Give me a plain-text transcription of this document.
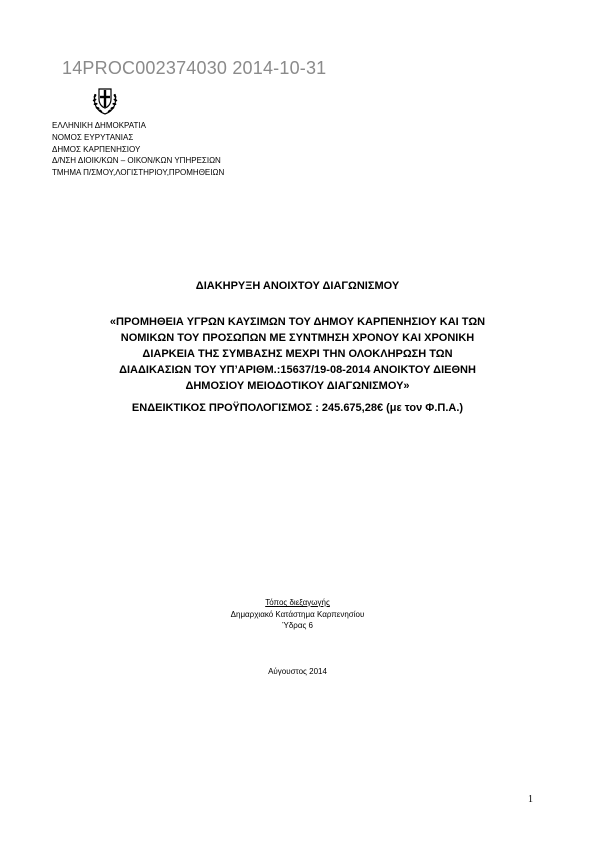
14PROC002374030 2014-10-31
ΕΛΛΗΝΙΚΗ ΔΗΜΟΚΡΑΤΙΑ
ΝΟΜΟΣ ΕΥΡΥΤΑΝΙΑΣ
ΔΗΜΟΣ ΚΑΡΠΕΝΗΣΙΟΥ
Δ/ΝΣΗ ΔΙΟΙΚ/ΚΩΝ – ΟΙΚΟΝ/ΚΩΝ ΥΠΗΡΕΣΙΩΝ
ΤΜΗΜΑ Π/ΣΜΟΥ,ΛΟΓΙΣΤΗΡΙΟΥ,ΠΡΟΜΗΘΕΙΩΝ
ΔΙΑΚΗΡΥΞΗ ΑΝΟΙΧΤΟΥ ΔΙΑΓΩΝΙΣΜΟΥ
«ΠΡΟΜΗΘΕΙΑ ΥΓΡΩΝ ΚΑΥΣΙΜΩΝ ΤΟΥ ΔΗΜΟΥ ΚΑΡΠΕΝΗΣΙΟΥ ΚΑΙ ΤΩΝ
ΝΟΜΙΚΩΝ ΤΟΥ ΠΡΟΣΩΠΩΝ ΜΕ ΣΥΝΤΜΗΣΗ ΧΡΟΝΟΥ ΚΑΙ ΧΡΟΝΙΚΗ
ΔΙΑΡΚΕΙΑ ΤΗΣ ΣΥΜΒΑΣΗΣ ΜΕΧΡΙ ΤΗΝ ΟΛΟΚΛΗΡΩΣΗ ΤΩΝ
ΔΙΑΔΙΚΑΣΙΩΝ ΤΟΥ ΥΠ’ΑΡΙΘΜ.:15637/19-08-2014 ΑΝΟΙΚΤΟΥ ΔΙΕΘΝΗ
ΔΗΜΟΣΙΟΥ ΜΕΙΟΔΟΤΙΚΟΥ ΔΙΑΓΩΝΙΣΜΟΥ»
ΕΝΔΕΙΚΤΙΚΟΣ ΠΡΟΫΠΟΛΟΓΙΣΜΟΣ : 245.675,28€ (με τον Φ.Π.Α.)
Τόπος διεξαγωγής
Δημαρχιακό Κατάστημα Καρπενησίου
Ύδρας 6
Αύγουστος 2014
1
